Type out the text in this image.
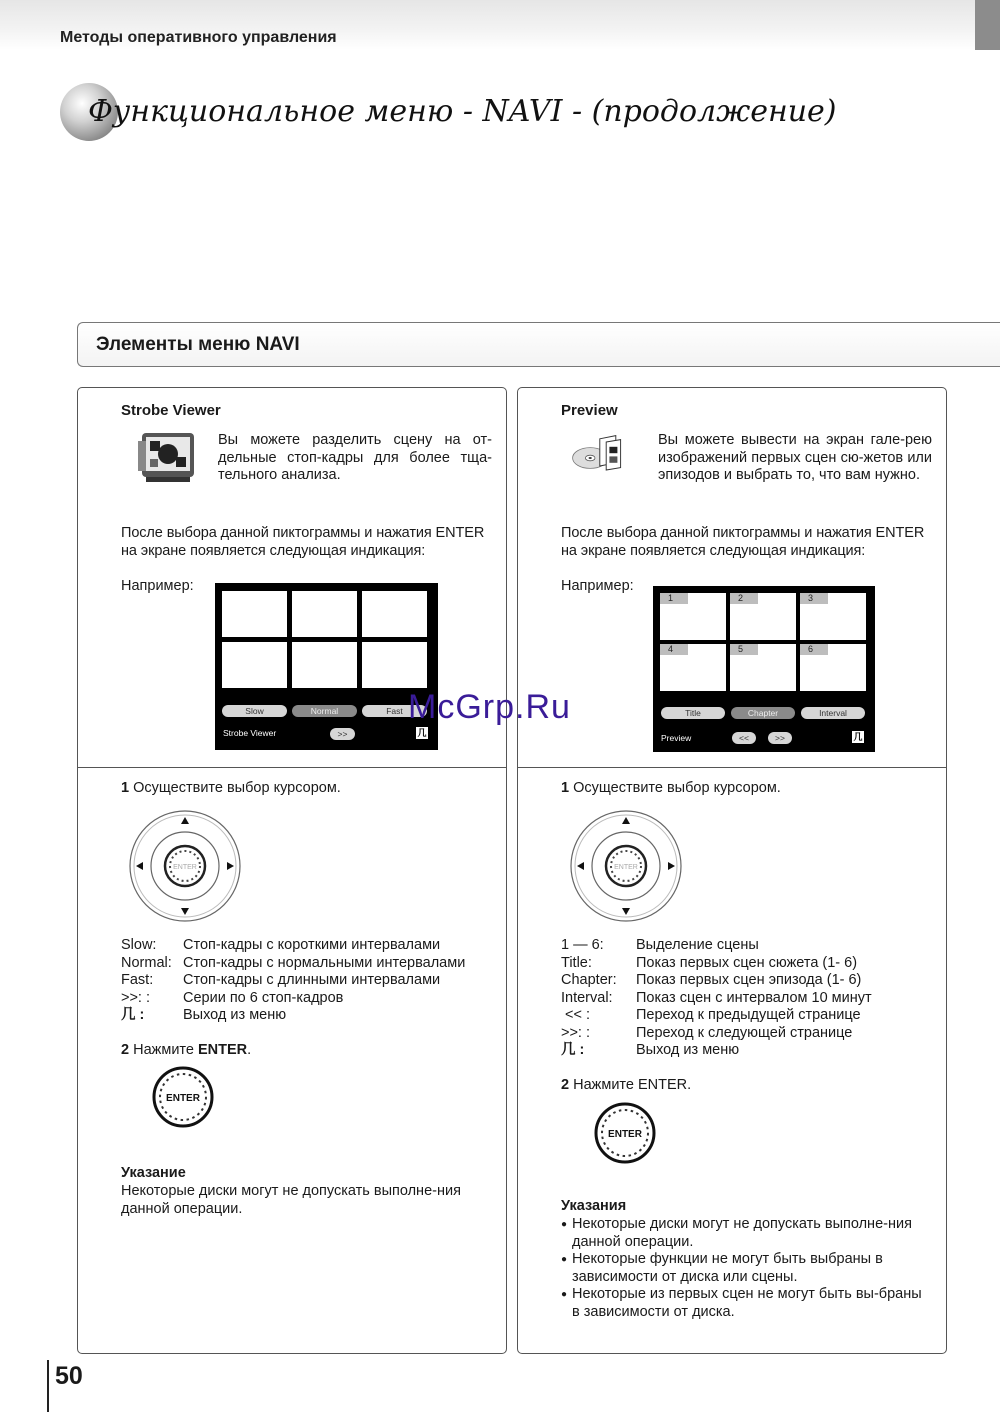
Методы оперативного управления
Функциональное меню - NAVI - (продолжение)
Элементы меню NAVI
Strobe Viewer
Вы можете разделить сцену на от-дельные стоп-кадры для более тща-тельного анализа.
После выбора данной пиктограммы и нажатия ENTER на экране появляется следующая индикация:
Например:
Slow	Normal	Fast
Strobe Viewer	>>	几
1 Осуществите выбор курсором.
ENTER
Slow: Стоп-кадры с короткими интервалами
Normal: Стоп-кадры с нормальными интервалами
Fast: Стоп-кадры с длинными интервалами
>>: : Серии по 6 стоп-кадров
几 :	Выход из меню
2 Нажмите ENTER.
ENTER
Указание
Некоторые диски могут не допускать выполне-ния данной операции.
Preview
Вы можете вывести на экран гале-рею изображений первых сцен сю-жетов или эпизодов и выбрать то, что вам нужно.
После выбора данной пиктограммы и нажатия ENTER на экране появляется следующая индикация:
Например:
1	2	3
4	5	6
Title	Chapter	Interval
Preview	<<	>>	几
1 Осуществите выбор курсором.
ENTER
1 — 6: Выделение сцены
Title:	Показ первых сцен сюжета (1- 6)
Chapter: Показ первых сцен эпизода (1- 6)
Interval: Показ сцен с интервалом 10 минут
<< :	Переход к предыдущей странице
>>: :	Переход к следующей странице
几 :	Выход из меню
2 Нажмите ENTER.
ENTER
Указания
● Некоторые диски могут не допускать выполне-ния данной операции.
● Некоторые функции не могут быть выбраны в зависимости от диска или сцены.
● Некоторые из первых сцен не могут быть вы-браны в зависимости от диска.
McGrp.Ru
50
